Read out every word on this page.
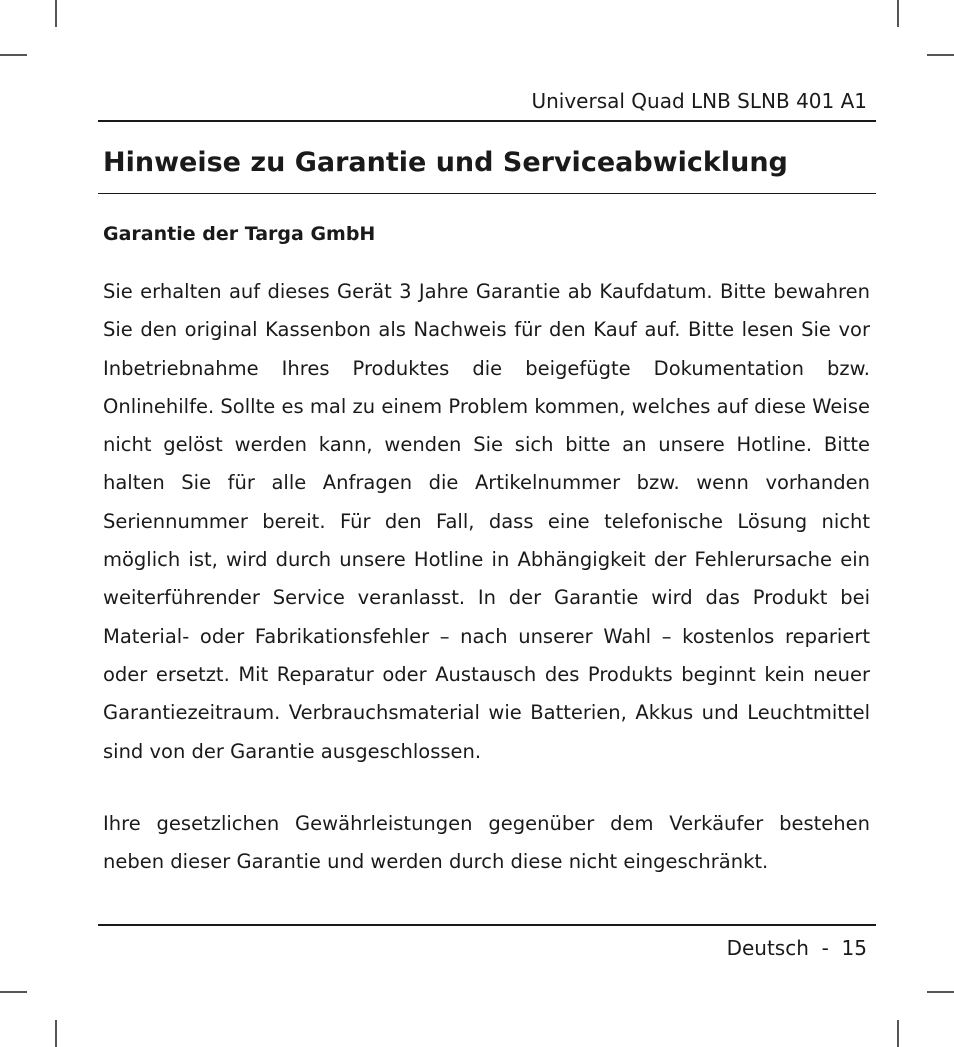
Universal Quad LNB SLNB 401 A1
Hinweise zu Garantie und Serviceabwicklung
Garantie der Targa GmbH

Sie erhalten auf dieses Gerät 3 Jahre Garantie ab Kaufdatum. Bitte bewahren Sie den original Kassenbon als Nachweis für den Kauf auf. Bitte lesen Sie vor Inbetriebnahme Ihres Produktes die beigefügte Dokumentation bzw. Onlinehilfe. Sollte es mal zu einem Problem kommen, welches auf diese Weise nicht gelöst werden kann, wenden Sie sich bitte an unsere Hotline. Bitte halten Sie für alle Anfragen die Artikelnummer bzw. wenn vorhanden Seriennummer bereit. Für den Fall, dass eine telefonische Lösung nicht möglich ist, wird durch unsere Hotline in Abhängigkeit der Fehlerursache ein weiterführender Service veranlasst. In der Garantie wird das Produkt bei Material- oder Fabrikationsfehler – nach unserer Wahl – kostenlos repariert oder ersetzt. Mit Reparatur oder Austausch des Produkts beginnt kein neuer Garantiezeitraum. Verbrauchsmaterial wie Batterien, Akkus und Leuchtmittel sind von der Garantie ausgeschlossen.

Ihre gesetzlichen Gewährleistungen gegenüber dem Verkäufer bestehen neben dieser Garantie und werden durch diese nicht eingeschränkt.

Deutsch - 15
